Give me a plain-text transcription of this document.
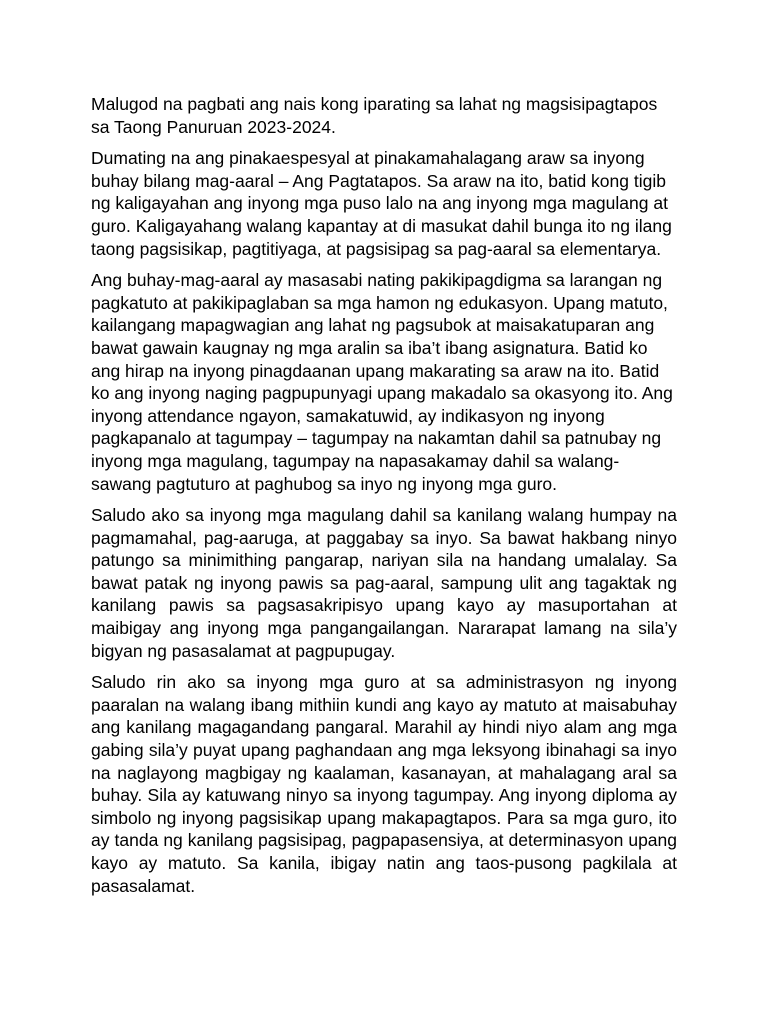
Malugod na pagbati ang nais kong iparating sa lahat ng magsisipagtapos
sa Taong Panuruan 2023-2024.
Dumating na ang pinakaespesyal at pinakamahalagang araw sa inyong
buhay bilang mag-aaral – Ang Pagtatapos. Sa araw na ito, batid kong tigib
ng kaligayahan ang inyong mga puso lalo na ang inyong mga magulang at
guro. Kaligayahang walang kapantay at di masukat dahil bunga ito ng ilang
taong pagsisikap, pagtitiyaga, at pagsisipag sa pag-aaral sa elementarya.
Ang buhay-mag-aaral ay masasabi nating pakikipagdigma sa larangan ng
pagkatuto at pakikipaglaban sa mga hamon ng edukasyon. Upang matuto,
kailangang mapagwagian ang lahat ng pagsubok at maisakatuparan ang
bawat gawain kaugnay ng mga aralin sa iba’t ibang asignatura. Batid ko
ang hirap na inyong pinagdaanan upang makarating sa araw na ito. Batid
ko ang inyong naging pagpupunyagi upang makadalo sa okasyong ito. Ang
inyong attendance ngayon, samakatuwid, ay indikasyon ng inyong
pagkapanalo at tagumpay – tagumpay na nakamtan dahil sa patnubay ng
inyong mga magulang, tagumpay na napasakamay dahil sa walang-
sawang pagtuturo at paghubog sa inyo ng inyong mga guro.
Saludo ako sa inyong mga magulang dahil sa kanilang walang humpay na
pagmamahal, pag-aaruga, at paggabay sa inyo. Sa bawat hakbang ninyo
patungo sa minimithing pangarap, nariyan sila na handang umalalay. Sa
bawat patak ng inyong pawis sa pag-aaral, sampung ulit ang tagaktak ng
kanilang pawis sa pagsasakripisyo upang kayo ay masuportahan at
maibigay ang inyong mga pangangailangan. Nararapat lamang na sila’y
bigyan ng pasasalamat at pagpupugay.
Saludo rin ako sa inyong mga guro at sa administrasyon ng inyong
paaralan na walang ibang mithiin kundi ang kayo ay matuto at maisabuhay
ang kanilang magagandang pangaral. Marahil ay hindi niyo alam ang mga
gabing sila’y puyat upang paghandaan ang mga leksyong ibinahagi sa inyo
na naglayong magbigay ng kaalaman, kasanayan, at mahalagang aral sa
buhay. Sila ay katuwang ninyo sa inyong tagumpay. Ang inyong diploma ay
simbolo ng inyong pagsisikap upang makapagtapos. Para sa mga guro, ito
ay tanda ng kanilang pagsisipag, pagpapasensiya, at determinasyon upang
kayo ay matuto. Sa kanila, ibigay natin ang taos-pusong pagkilala at
pasasalamat.
